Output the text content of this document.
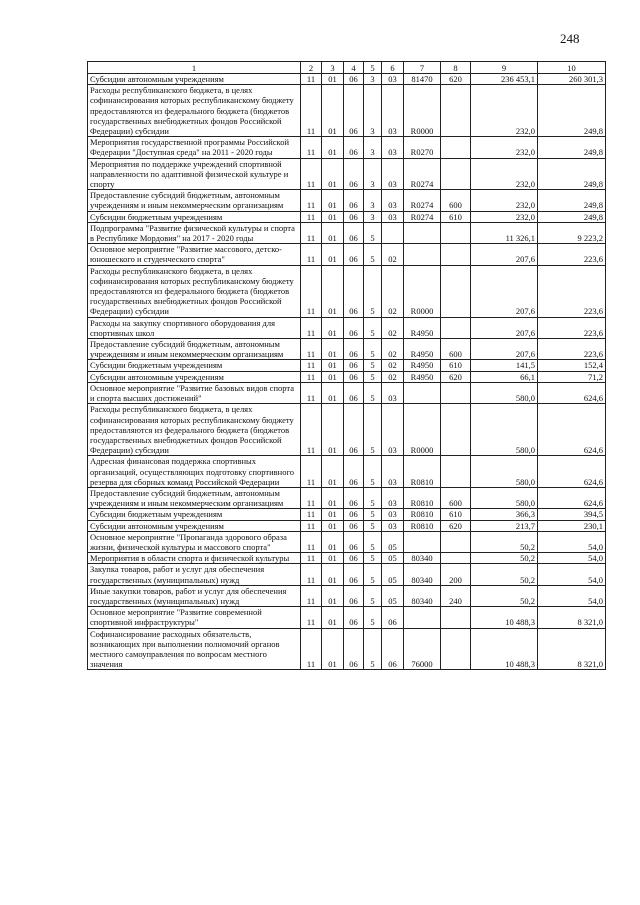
248
1	2	3	4	5	6	7	8	9	10
Субсидии автономным учреждениям	11	01	06	3	03	81470	620	236 453,1	260 301,3
Расходы республиканского бюджета, в целях софинансирования которых республиканскому бюджету предоставляются из федерального бюджета (бюджетов государственных внебюджетных фондов Российской Федерации) субсидии	11	01	06	3	03	R0000		232,0	249,8
Мероприятия государственной программы Российской Федерации "Доступная среда" на 2011 - 2020 годы	11	01	06	3	03	R0270		232,0	249,8
Мероприятия по поддержке учреждений спортивной направленности по адаптивной физической культуре и спорту	11	01	06	3	03	R0274		232,0	249,8
Предоставление субсидий бюджетным, автономным учреждениям и иным некоммерческим организациям	11	01	06	3	03	R0274	600	232,0	249,8
Субсидии бюджетным учреждениям	11	01	06	3	03	R0274	610	232,0	249,8
Подпрограмма "Развитие физической культуры и спорта в Республике Мордовия" на 2017 - 2020 годы	11	01	06	5				11 326,1	9 223,2
Основное мероприятие "Развитие массового, детско-юношеского и студенческого спорта"	11	01	06	5	02			207,6	223,6
Расходы республиканского бюджета, в целях софинансирования которых республиканскому бюджету предоставляются из федерального бюджета (бюджетов государственных внебюджетных фондов Российской Федерации) субсидии	11	01	06	5	02	R0000		207,6	223,6
Расходы на закупку спортивного оборудования для спортивных школ	11	01	06	5	02	R4950		207,6	223,6
Предоставление субсидий бюджетным, автономным учреждениям и иным некоммерческим организациям	11	01	06	5	02	R4950	600	207,6	223,6
Субсидии бюджетным учреждениям	11	01	06	5	02	R4950	610	141,5	152,4
Субсидии автономным учреждениям	11	01	06	5	02	R4950	620	66,1	71,2
Основное мероприятие "Развитие базовых видов спорта и спорта высших достижений"	11	01	06	5	03			580,0	624,6
Расходы республиканского бюджета, в целях софинансирования которых республиканскому бюджету предоставляются из федерального бюджета (бюджетов государственных внебюджетных фондов Российской Федерации) субсидии	11	01	06	5	03	R0000		580,0	624,6
Адресная финансовая поддержка спортивных организаций, осуществляющих подготовку спортивного резерва для сборных команд Российской Федерации	11	01	06	5	03	R0810		580,0	624,6
Предоставление субсидий бюджетным, автономным учреждениям и иным некоммерческим организациям	11	01	06	5	03	R0810	600	580,0	624,6
Субсидии бюджетным учреждениям	11	01	06	5	03	R0810	610	366,3	394,5
Субсидии автономным учреждениям	11	01	06	5	03	R0810	620	213,7	230,1
Основное мероприятие "Пропаганда здорового образа жизни, физической культуры и массового спорта"	11	01	06	5	05			50,2	54,0
Мероприятия в области спорта и физической культуры	11	01	06	5	05	80340		50,2	54,0
Закупка товаров, работ и услуг для обеспечения государственных (муниципальных) нужд	11	01	06	5	05	80340	200	50,2	54,0
Иные закупки товаров, работ и услуг для обеспечения государственных (муниципальных) нужд	11	01	06	5	05	80340	240	50,2	54,0
Основное мероприятие "Развитие современной спортивной инфраструктуры"	11	01	06	5	06			10 488,3	8 321,0
Софинансирование расходных обязательств, возникающих при выполнении полномочий органов местного самоуправления по вопросам местного значения	11	01	06	5	06	76000		10 488,3	8 321,0
